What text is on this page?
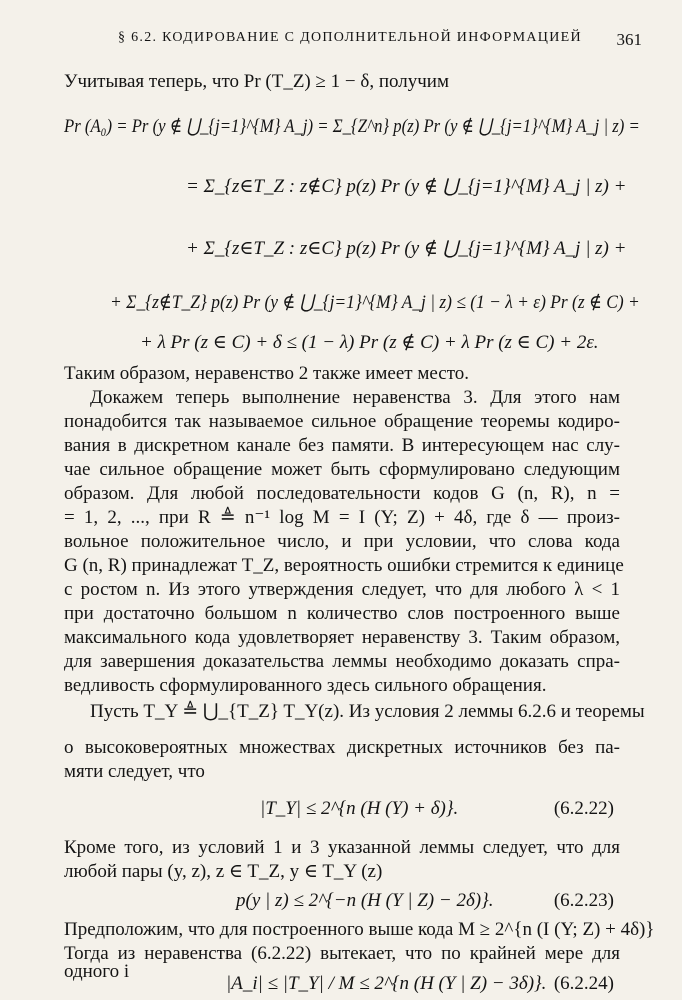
§ 6.2. КОДИРОВАНИЕ С ДОПОЛНИТЕЛЬНОЙ ИНФОРМАЦИЕЙ 361
Учитывая теперь, что Pr (T_Z) ≥ 1 − δ, получим
Pr (A₀) = Pr (y ∉ ⋃_{j=1}^{M} A_j) = Σ_{Z^n} p(z) Pr (y ∉ ⋃_{j=1}^{M} A_j | z) =
= Σ_{z∈T_Z : z∉C} p(z) Pr (y ∉ ⋃_{j=1}^{M} A_j | z) +
+ Σ_{z∈T_Z : z∈C} p(z) Pr (y ∉ ⋃_{j=1}^{M} A_j | z) +
+ Σ_{z∉T_Z} p(z) Pr (y ∉ ⋃_{j=1}^{M} A_j | z) ≤ (1 − λ + ε) Pr (z ∉ C) +
+ λ Pr (z ∈ C) + δ ≤ (1 − λ) Pr (z ∉ C) + λ Pr (z ∈ C) + 2ε.
Таким образом, неравенство 2 также имеет место.
Докажем теперь выполнение неравенства 3. Для этого нам
понадобится так называемое сильное обращение теоремы кодиро-
вания в дискретном канале без памяти. В интересующем нас слу-
чае сильное обращение может быть сформулировано следующим
образом. Для любой последовательности кодов G (n, R), n =
= 1, 2, ..., при R ≜ n⁻¹ log M = I (Y; Z) + 4δ, где δ — произ-
вольное положительное число, и при условии, что слова кода
G (n, R) принадлежат T_Z, вероятность ошибки стремится к единице
с ростом n. Из этого утверждения следует, что для любого λ < 1
при достаточно большом n количество слов построенного выше
максимального кода удовлетворяет неравенству 3. Таким образом,
для завершения доказательства леммы необходимо доказать спра-
ведливость сформулированного здесь сильного обращения.
Пусть T_Y ≜ ⋃_{T_Z} T_Y(z). Из условия 2 леммы 6.2.6 и теоремы
о высоковероятных множествах дискретных источников без па-
мяти следует, что
|T_Y| ≤ 2^{n (H (Y) + δ)}.	(6.2.22)
Кроме того, из условий 1 и 3 указанной леммы следует, что для
любой пары (y, z), z ∈ T_Z, y ∈ T_Y (z)
p(y | z) ≤ 2^{−n (H (Y | Z) − 2δ)}.	(6.2.23)
Предположим, что для построенного выше кода M ≥ 2^{n (I (Y; Z) + 4δ)}
Тогда из неравенства (6.2.22) вытекает, что по крайней мере для
одного i
|A_i| ≤ |T_Y| / M ≤ 2^{n (H (Y | Z) − 3δ)}. (6.2.24)
